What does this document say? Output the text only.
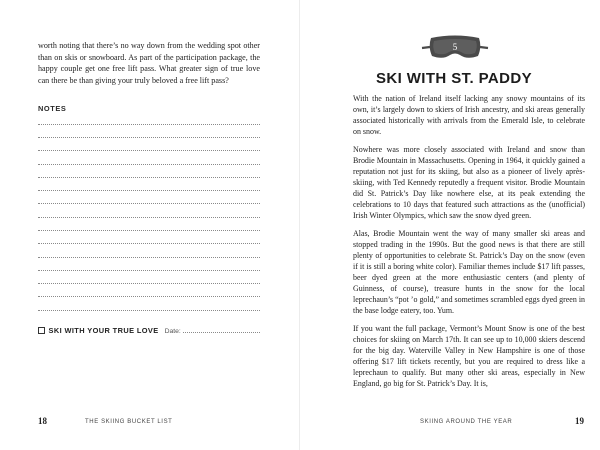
worth noting that there’s no way down from the wedding spot other than on skis or snowboard. As part of the participation package, the happy couple get one free lift pass. What greater sign of true love can there be than giving your truly beloved a free lift pass?
NOTES
SKI WITH YOUR TRUE LOVE Date:
18	THE SKIING BUCKET LIST
5
SKI WITH ST. PADDY

With the nation of Ireland itself lacking any snowy mountains of its own, it’s largely down to skiers of Irish ancestry, and ski areas generally associated historically with arrivals from the Emerald Isle, to celebrate on snow.

Nowhere was more closely associated with Ireland and snow than Brodie Mountain in Massachusetts. Opening in 1964, it quickly gained a reputation not just for its skiing, but also as a pioneer of lively après-skiing, with Ted Kennedy reputedly a frequent visitor. Brodie Mountain did St. Patrick’s Day like nowhere else, at its peak extending the celebrations to 10 days that featured such attractions as the (unofficial) Irish Winter Olympics, which saw the snow dyed green.

Alas, Brodie Mountain went the way of many smaller ski areas and stopped trading in the 1990s. But the good news is that there are still plenty of opportunities to celebrate St. Patrick’s Day on the snow (even if it is still a boring white color). Familiar themes include $17 lift passes, beer dyed green at the more enthusiastic centers (and plenty of Guinness, of course), treasure hunts in the snow for the local leprechaun’s “pot ’o gold,” and sometimes scrambled eggs dyed green in the base lodge eatery, too. Yum.

If you want the full package, Vermont’s Mount Snow is one of the best choices for skiing on March 17th. It can see up to 10,000 skiers descend for the big day. Waterville Valley in New Hampshire is one of those offering $17 lift tickets recently, but you are required to dress like a leprechaun to qualify. But many other ski areas, especially in New England, go big for St. Patrick’s Day. It is,

SKIING AROUND THE YEAR	19
